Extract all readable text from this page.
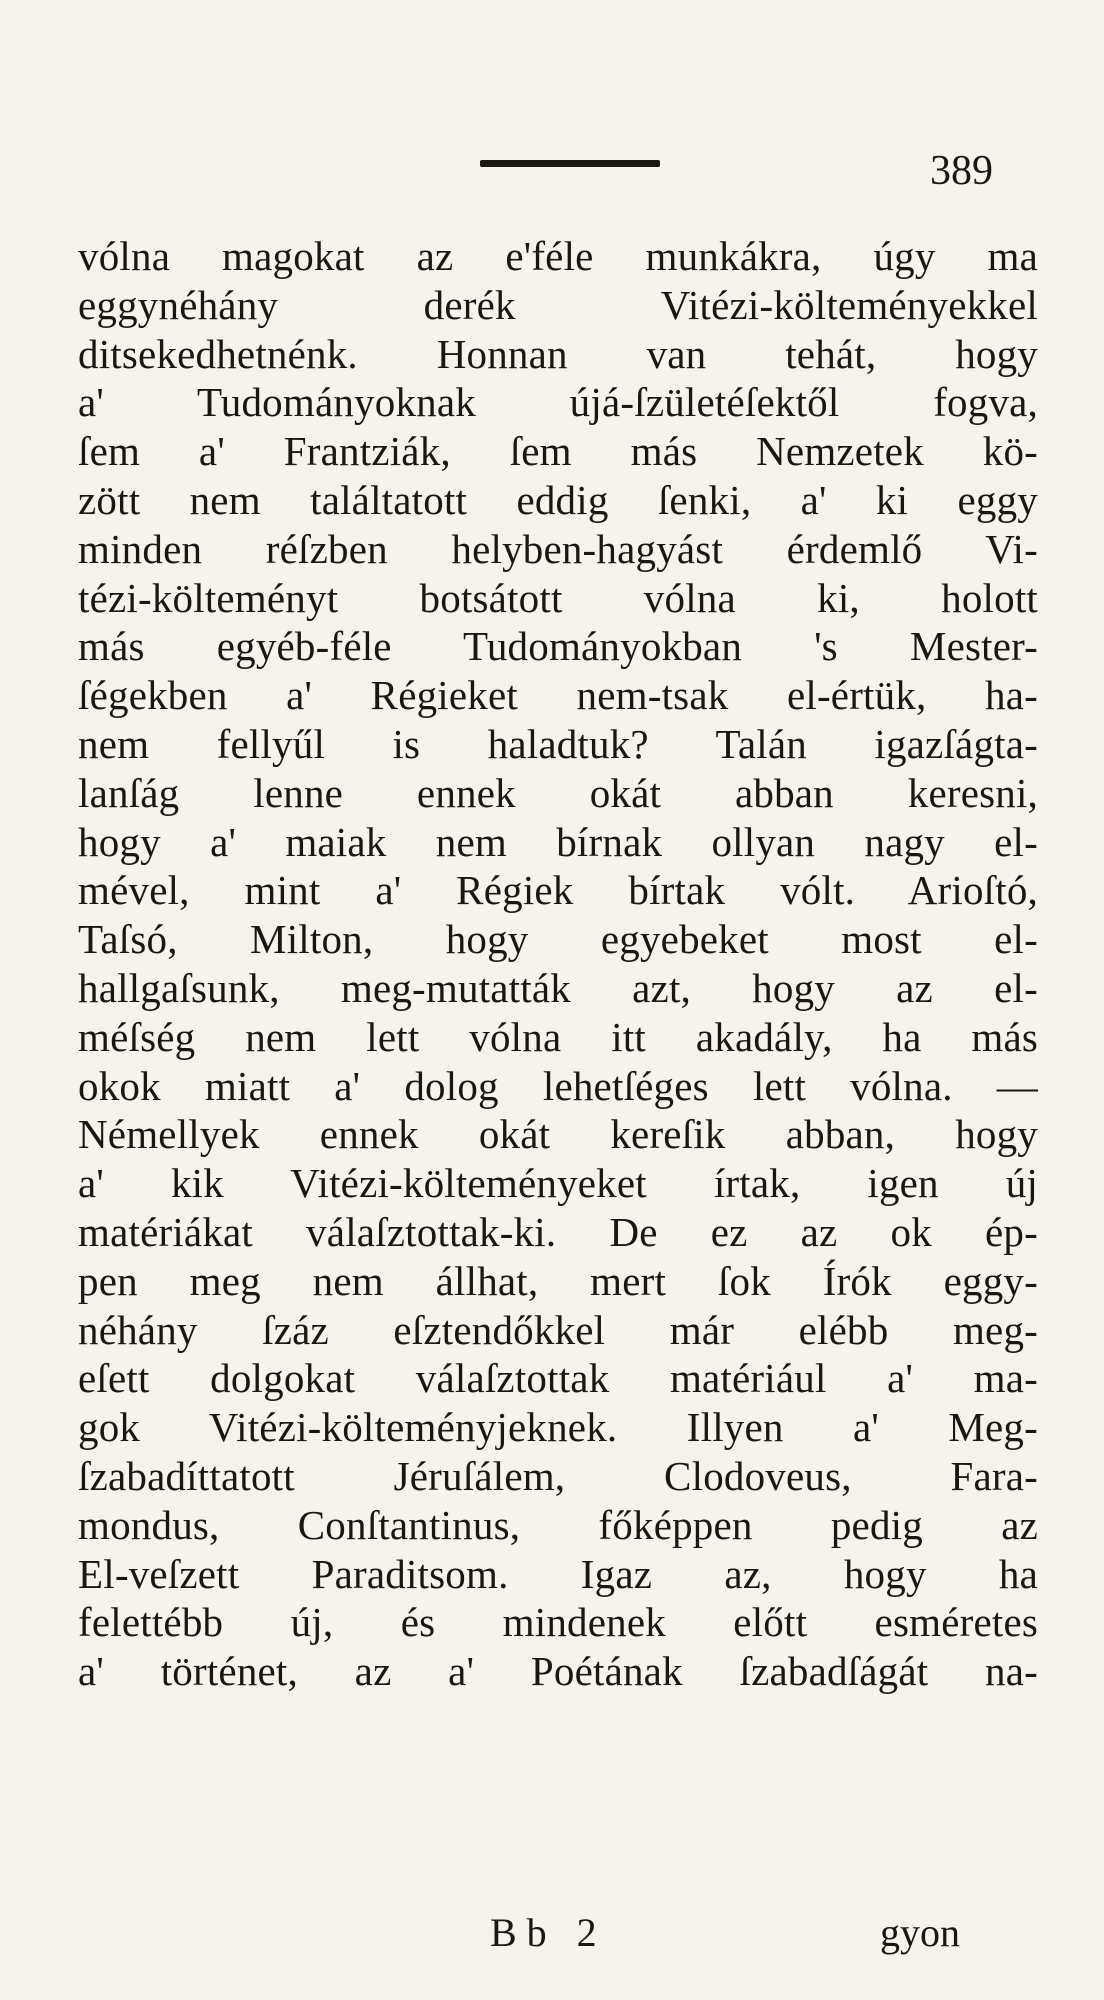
389
vólna magokat az e'féle munkákra, úgy ma
eggynéhány derék Vitézi-költeményekkel
ditsekedhetnénk. Honnan van tehát, hogy
a' Tudományoknak újá-ſzületéſektől fogva,
ſem a' Frantziák, ſem más Nemzetek kö-
zött nem találtatott eddig ſenki, a' ki eggy
minden réſzben helyben-hagyást érdemlő Vi-
tézi-költeményt botsátott vólna ki, holott
más egyéb-féle Tudományokban 's Mester-
ſégekben a' Régieket nem-tsak el-értük, ha-
nem fellyűl is haladtuk? Talán igazſágta-
lanſág lenne ennek okát abban keresni,
hogy a' maiak nem bírnak ollyan nagy el-
mével, mint a' Régiek bírtak vólt. Arioſtó,
Taſsó, Milton, hogy egyebeket most el-
hallgaſsunk, meg-mutatták azt, hogy az el-
méſség nem lett vólna itt akadály, ha más
okok miatt a' dolog lehetſéges lett vólna. —
Némellyek ennek okát kereſik abban, hogy
a' kik Vitézi-költeményeket írtak, igen új
matériákat válaſztottak-ki. De ez az ok ép-
pen meg nem állhat, mert ſok Írók eggy-
néhány ſzáz eſztendőkkel már elébb meg-
eſett dolgokat válaſztottak matériául a' ma-
gok Vitézi-költeményjeknek. Illyen a' Meg-
ſzabadíttatott Jéruſálem, Clodoveus, Fara-
mondus, Conſtantinus, főképpen pedig az
El-veſzett Paraditsom. Igaz az, hogy ha
felettébb új, és mindenek előtt esméretes
a' történet, az a' Poétának ſzabadſágát na-
Bb 2	gyon
